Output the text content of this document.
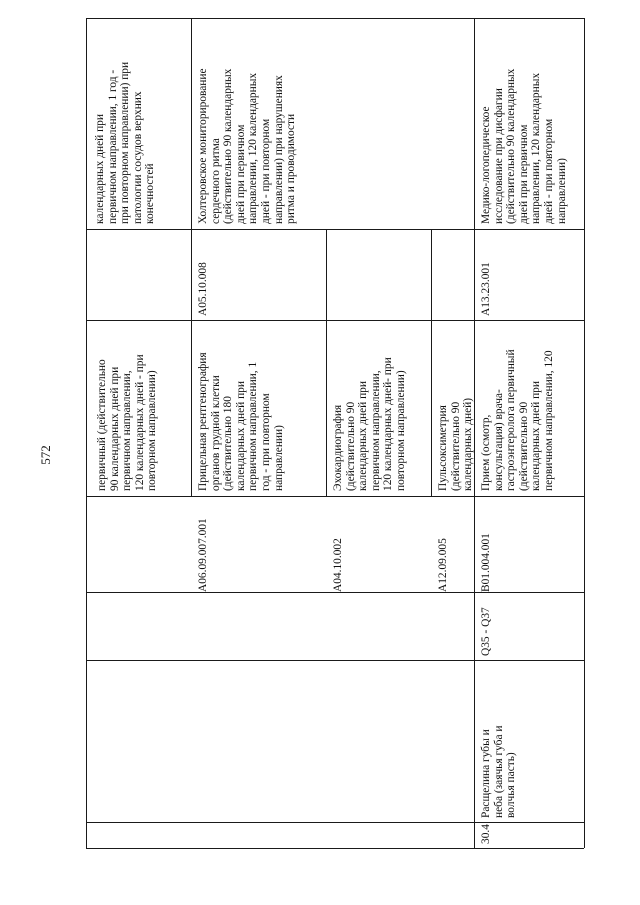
572	первичный (действительно
90 календарных дней при
первичном направлении,
120 календарных дней - при
повторном направлении)
календарных дней при
первичном направлении, 1 год -
при повторном направлении) при
патологии сосудов верхних
конечностей
A06.09.007.001
Прицельная рентгенография
органов грудной клетки
(действительно 180
календарных дней при
первичном направлении, 1
год - при повторном
направлении)
A04.10.002
Эхокардиография
(действительно 90
календарных дней при
первичном направлении,
120 календарных дней- при
повторном направлении)
A12.09.005
Пульсоксиметрия
(действительно 90
календарных дней)
A05.10.008
Холтеровское мониторирование
сердечного ритма
(действительно 90 календарных
дней при первичном
направлении, 120 календарных
дней - при повторном
направлении) при нарушениях
ритма и проводимости
30.4
Расщелина губы и
неба (заячья губа и
волчья пасть)
Q35 - Q37
B01.004.001
Прием (осмотр,
консультация) врача-
гастроэнтеролога первичный
(действительно 90
календарных дней при
первичном направлении, 120
A13.23.001
Медико-логопедическое
исследование при дисфагии
(действительно 90 календарных
дней при первичном
направлении, 120 календарных
дней - при повторном
направлении)
